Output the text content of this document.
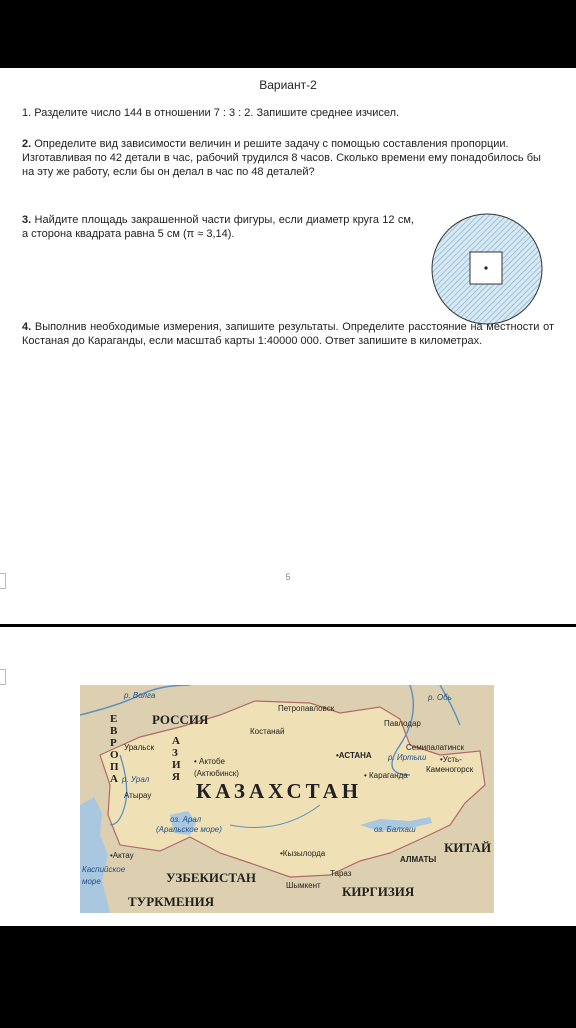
Вариант-2
1. Разделите число 144 в отношении 7 : 3 : 2. Запишите среднее изчисел.
2. Определите вид зависимости величин и решите задачу с помощью составления пропорции.
Изготавливая по 42 детали в час, рабочий трудился 8 часов. Сколько времени ему понадобилось бы на эту же работу, если бы он делал в час по 48 деталей?
3. Найдите площадь закрашенной части фигуры, если диаметр круга 12 см, а сторона квадрата равна 5 см (π ≈ 3,14).
4. Выполнив необходимые измерения, запишите результаты. Определите расстояние на местности от Костаная до Караганды, если масштаб карты 1:40000 000. Ответ запишите в километрах.
5
р. Волга	р. Обь
РОССИЯ
Петропавловск
Костанай
Павлодар
Е В Р О П А
А З И Я
Уральск
• Актобе
(Актюбинск)
•АСТАНА р. Иртыш
Семипалатинск
•Усть-
Каменогорск
• Караганда
р. Урал
Атырау КАЗАХСТАН
оз. Арал
(Аральское море)	оз. Балхаш
КИТАЙ
•Актау	•Кызылорда
АЛМАТЫ
Каспийское
море	УЗБЕКИСТАН	Тараз
Шымкент КИРГИЗИЯ
ТУРКМЕНИЯ
